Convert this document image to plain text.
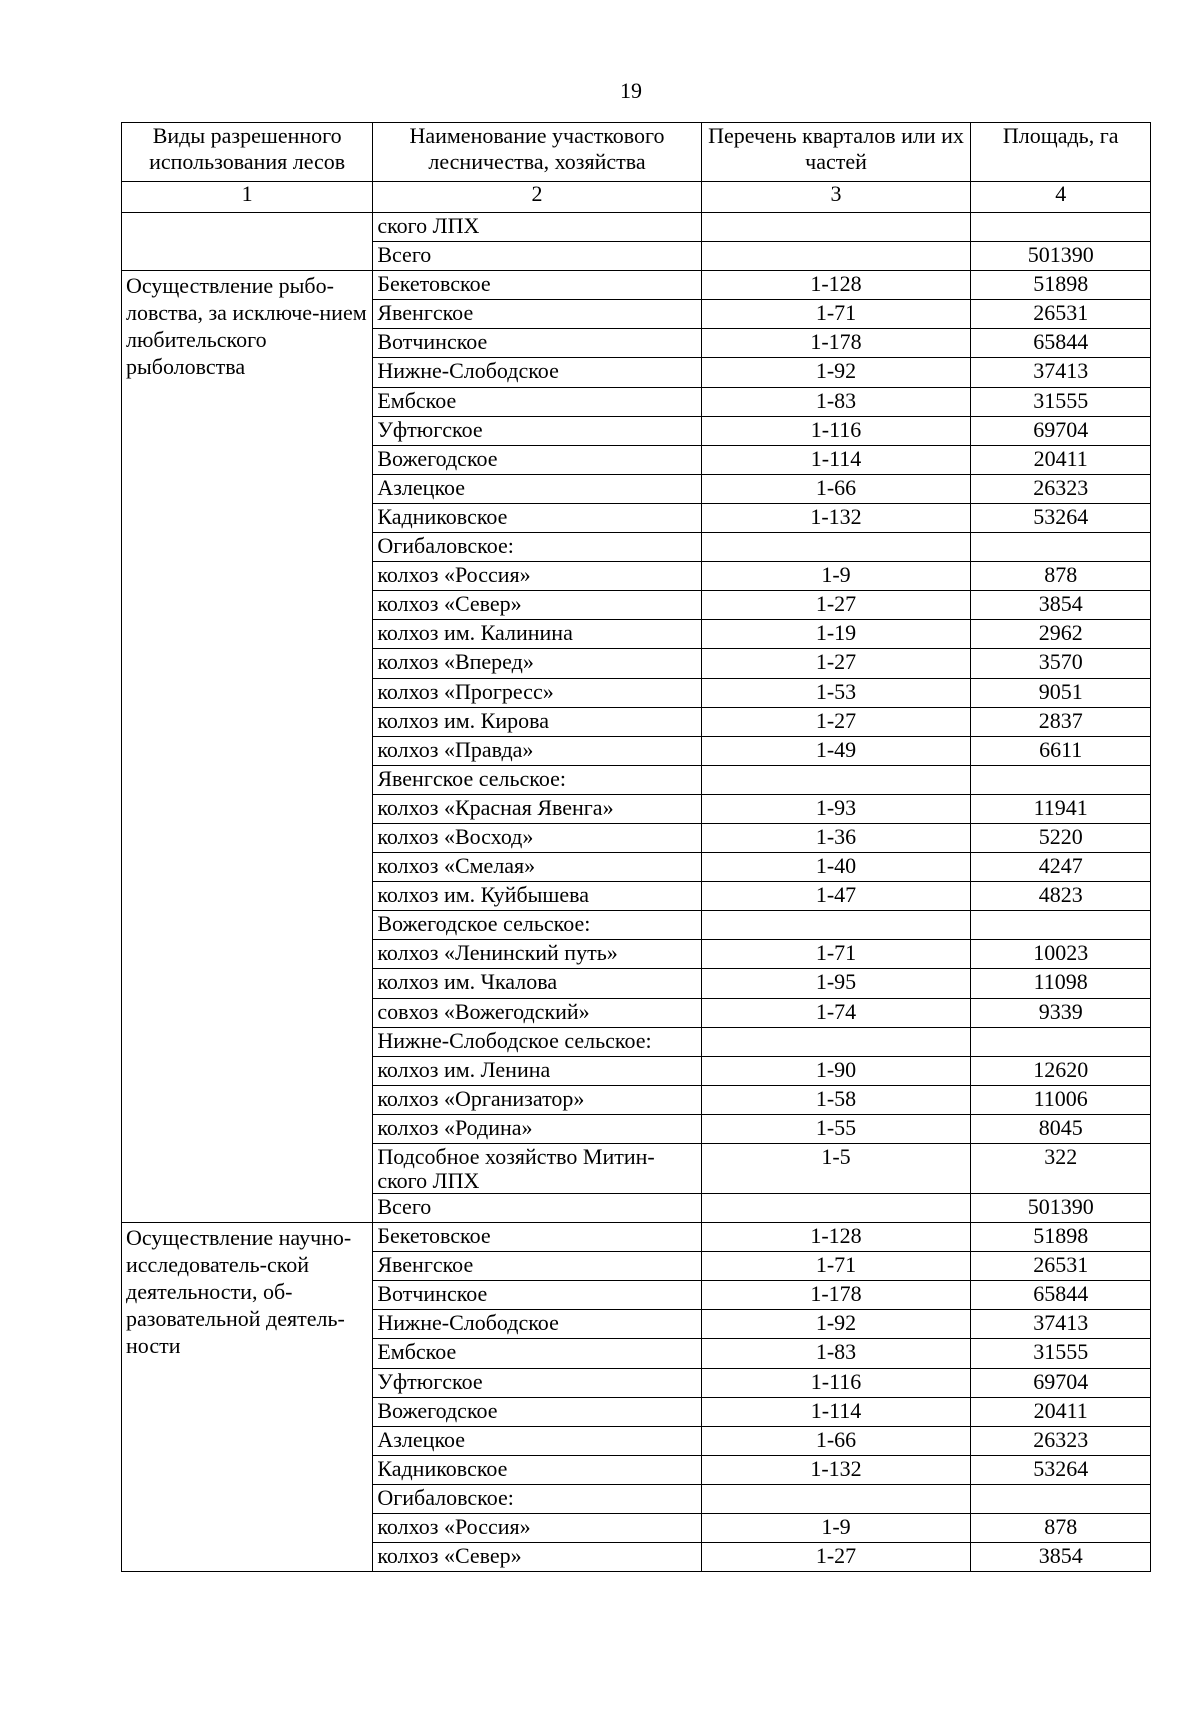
19
Виды разрешенного использования лесов	Наименование участкового лесничества, хозяйства	Перечень кварталов или их частей	Площадь, га
1	2	3	4
	ского ЛПХ		
	Всего		501390
Осуществление рыбо-ловства, за исключе-нием любительского рыболовства	Бекетовское	1-128	51898
	Явенгское	1-71	26531
	Вотчинское	1-178	65844
	Нижне-Слободское	1-92	37413
	Ембское	1-83	31555
	Уфтюгское	1-116	69704
	Вожегодское	1-114	20411
	Азлецкое	1-66	26323
	Кадниковское	1-132	53264
	Огибаловское:		
	колхоз «Россия»	1-9	878
	колхоз «Север»	1-27	3854
	колхоз им. Калинина	1-19	2962
	колхоз «Вперед»	1-27	3570
	колхоз «Прогресс»	1-53	9051
	колхоз им. Кирова	1-27	2837
	колхоз «Правда»	1-49	6611
	Явенгское сельское:		
	колхоз «Красная Явенга»	1-93	11941
	колхоз «Восход»	1-36	5220
	колхоз «Смелая»	1-40	4247
	колхоз им. Куйбышева	1-47	4823
	Вожегодское сельское:		
	колхоз «Ленинский путь»	1-71	10023
	колхоз им. Чкалова	1-95	11098
	совхоз «Вожегодский»	1-74	9339
	Нижне-Слободское сельское:		
	колхоз им. Ленина	1-90	12620
	колхоз «Организатор»	1-58	11006
	колхоз «Родина»	1-55	8045
	Подсобное хозяйство Митин-ского ЛПХ	1-5	322
	Всего		501390
Осуществление научно-исследователь-ской деятельности, об-разовательной деятель-ности	Бекетовское	1-128	51898
	Явенгское	1-71	26531
	Вотчинское	1-178	65844
	Нижне-Слободское	1-92	37413
	Ембское	1-83	31555
	Уфтюгское	1-116	69704
	Вожегодское	1-114	20411
	Азлецкое	1-66	26323
	Кадниковское	1-132	53264
	Огибаловское:		
	колхоз «Россия»	1-9	878
	колхоз «Север»	1-27	3854
